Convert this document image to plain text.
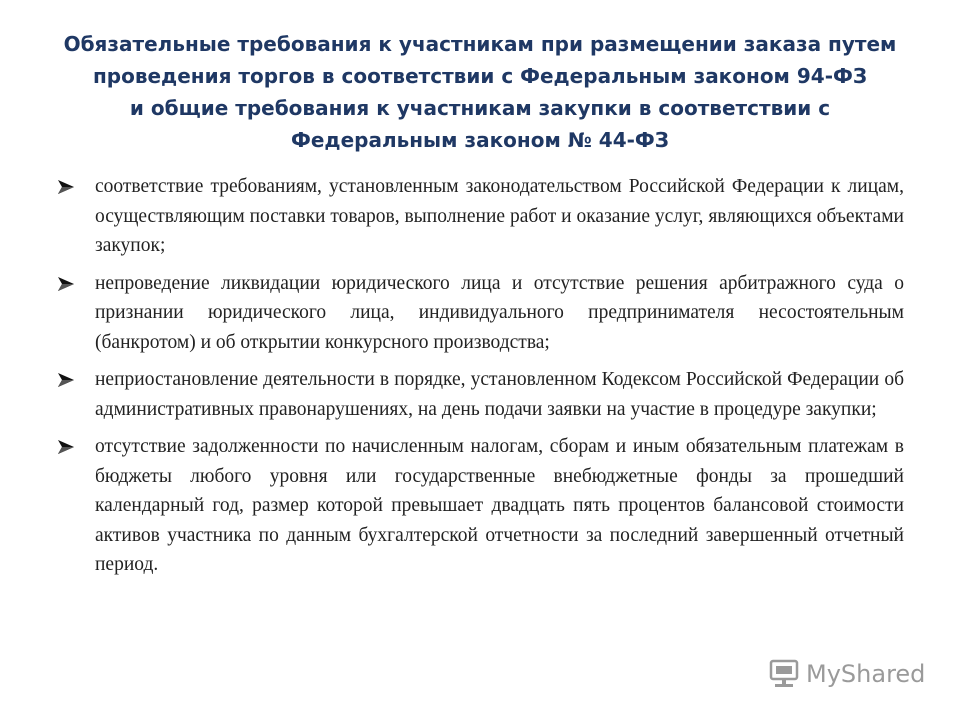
Обязательные требования к участникам при размещении заказа путем
проведения торгов в соответствии с Федеральным законом 94-ФЗ
и общие требования к участникам закупки в соответствии с
Федеральным законом № 44-ФЗ
соответствие требованиям, установленным законодательством Российской Федерации к лицам, осуществляющим поставки товаров, выполнение работ и оказание услуг, являющихся объектами закупок;
непроведение ликвидации юридического лица и отсутствие решения арбитражного суда о признании юридического лица, индивидуального предпринимателя несостоятельным (банкротом) и об открытии конкурсного производства;
неприостановление деятельности в порядке, установленном Кодексом Российской Федерации об административных правонарушениях, на день подачи заявки на участие в процедуре закупки;
отсутствие задолженности по начисленным налогам, сборам и иным обязательным платежам в бюджеты любого уровня или государственные внебюджетные фонды за прошедший календарный год, размер которой превышает двадцать пять процентов балансовой стоимости активов участника по данным бухгалтерской отчетности за последний завершенный отчетный период.
MyShared
